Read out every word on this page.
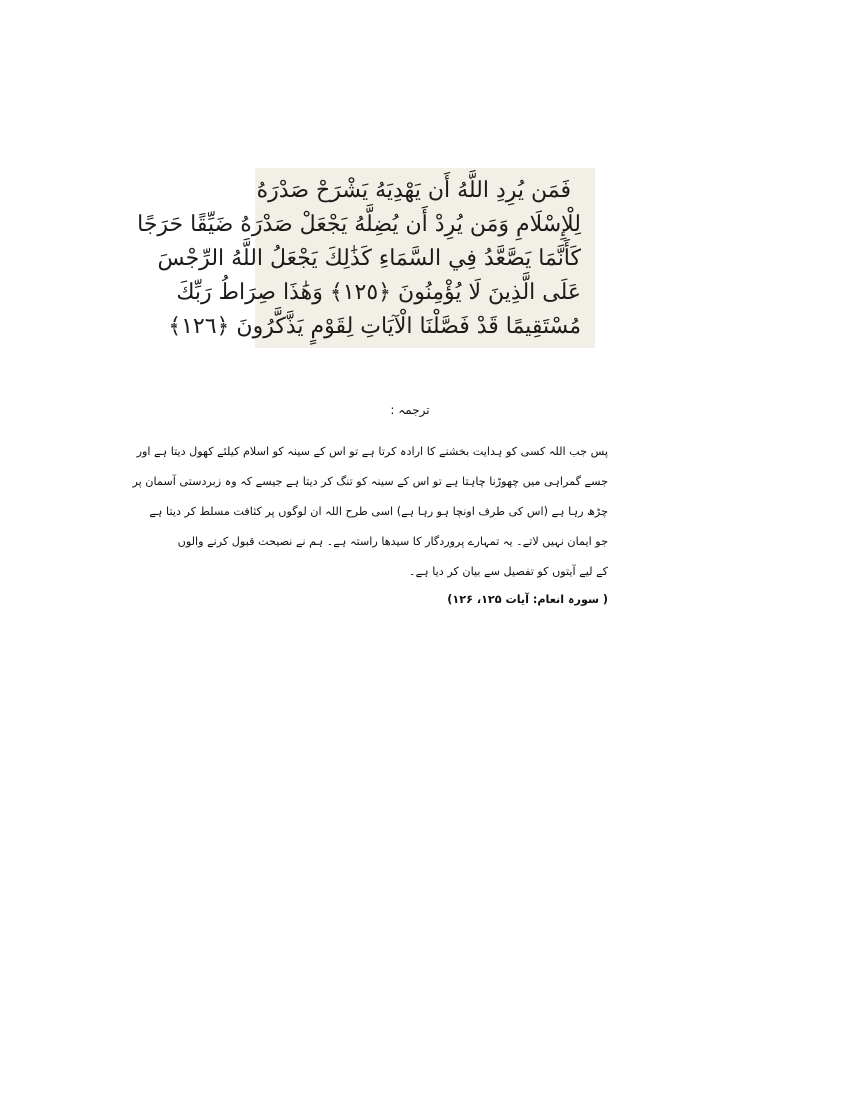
فَمَن يُرِدِ اللَّهُ أَن يَهْدِيَهُ يَشْرَحْ صَدْرَهُ
لِلْإِسْلَامِ وَمَن يُرِدْ أَن يُضِلَّهُ يَجْعَلْ صَدْرَهُ ضَيِّقًا حَرَجًا
كَأَنَّمَا يَصَّعَّدُ فِي السَّمَاءِ كَذَٰلِكَ يَجْعَلُ اللَّهُ الرِّجْسَ
عَلَى الَّذِينَ لَا يُؤْمِنُونَ ﴿١٢٥﴾ وَهَٰذَا صِرَاطُ رَبِّكَ
مُسْتَقِيمًا قَدْ فَصَّلْنَا الْآيَاتِ لِقَوْمٍ يَذَّكَّرُونَ ﴿١٢٦﴾
ترجمہ :
پس جب اللہ کسی کو ہدایت بخشنے کا ارادہ کرتا ہے تو اس کے سینہ کو اسلام کیلئے کھول دیتا ہے اور
جسے گمراہی میں چھوڑنا چاہتا ہے تو اس کے سینہ کو تنگ کر دیتا ہے جیسے کہ وہ زبردستی آسمان پر
چڑھ رہا ہے (اس کی طرف اونچا ہو رہا ہے) اسی طرح اللہ ان لوگوں پر کثافت مسلط کر دیتا ہے
جو ایمان نہیں لاتے۔ یہ تمہارے پروردگار کا سیدھا راستہ ہے۔ ہم نے نصیحت قبول کرنے والوں
کے لیے آیتوں کو تفصیل سے بیان کر دیا ہے۔
( سورہ انعام: آیات ۱۲۵، ۱۲۶)
